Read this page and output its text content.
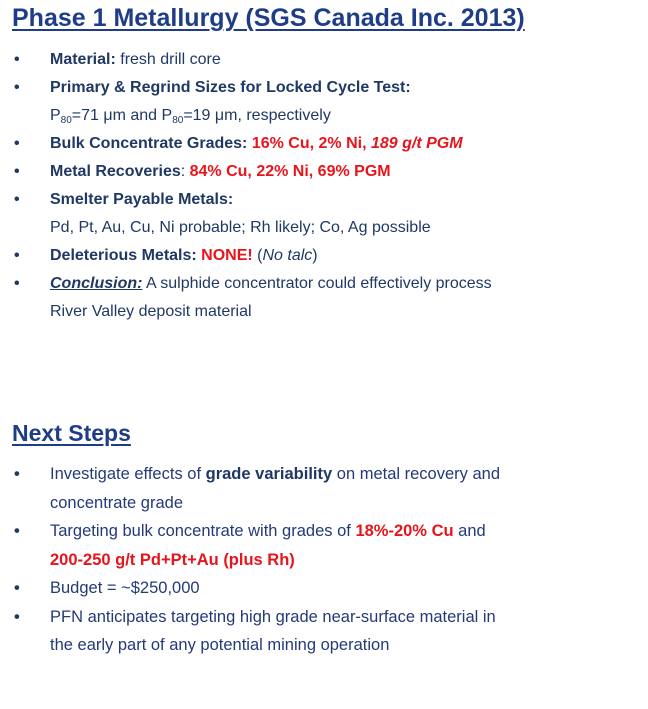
Phase 1 Metallurgy (SGS Canada Inc. 2013)
• Material: fresh drill core
• Primary & Regrind Sizes for Locked Cycle Test:
$P_{80}=71$ μm and $P_{80}=19$ μm, respectively
• Bulk Concentrate Grades: 16% Cu, 2% Ni, 189 g/t PGM
• Metal Recoveries: 84% Cu, 22% Ni, 69% PGM
• Smelter Payable Metals:
Pd, Pt, Au, Cu, Ni probable; Rh likely; Co, Ag possible
• Deleterious Metals: NONE! (No talc)
• Conclusion: A sulphide concentrator could effectively process
River Valley deposit material
Next Steps
• Investigate effects of grade variability on metal recovery and
concentrate grade
• Targeting bulk concentrate with grades of 18%-20% Cu and
200-250 g/t Pd+Pt+Au (plus Rh)
• Budget = ~$250,000
• PFN anticipates targeting high grade near-surface material in
the early part of any potential mining operation
